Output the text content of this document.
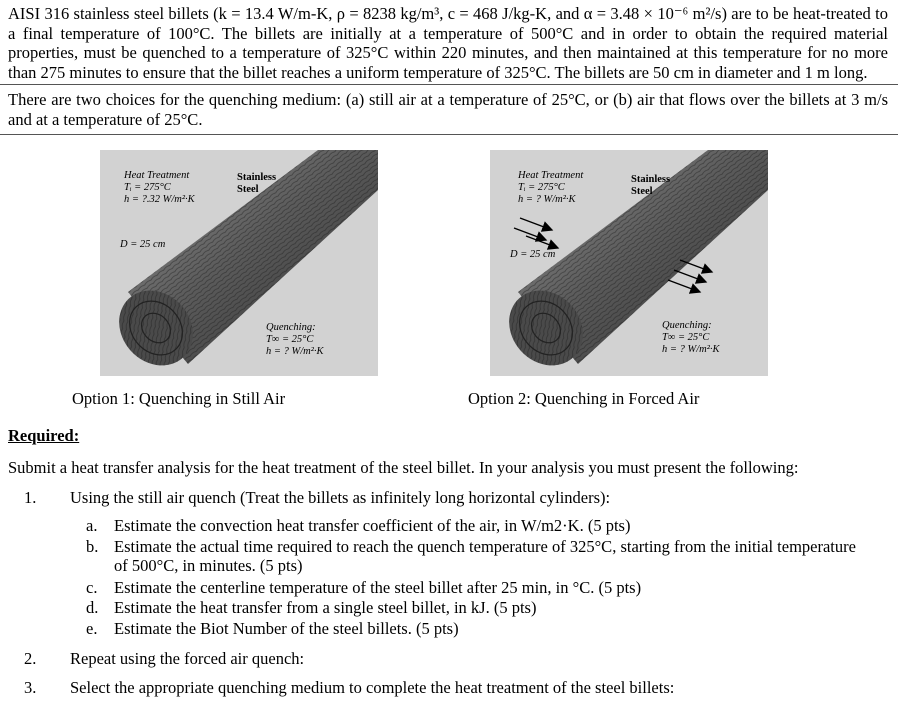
AISI 316 stainless steel billets (k = 13.4 W/m-K, ρ = 8238 kg/m³, c = 468 J/kg-K, and α = 3.48 × 10⁻⁶ m²/s) are to be heat-treated to a final temperature of 100°C. The billets are initially at a temperature of 500°C and in order to obtain the required material properties, must be quenched to a temperature of 325°C within 220 minutes, and then maintained at this temperature for no more than 275 minutes to ensure that the billet reaches a uniform temperature of 325°C. The billets are 50 cm in diameter and 1 m long.
There are two choices for the quenching medium: (a) still air at a temperature of 25°C, or (b) air that flows over the billets at 3 m/s and at a temperature of 25°C.
Heat Treatment
Tᵢ = 275°C
h = ?.32 W/m²·K
Stainless
Steel
D = 25 cm
Quenching:
T∞ = 25°C
h = ? W/m²·K
Heat Treatment
Tᵢ = 275°C
h = ? W/m²·K
Stainless
Steel
D = 25 cm
Quenching:
T∞ = 25°C
h = ? W/m²·K
Option 1: Quenching in Still Air	Option 2: Quenching in Forced Air
Required:
Submit a heat transfer analysis for the heat treatment of the steel billet. In your analysis you must present the following:
1. Using the still air quench (Treat the billets as infinitely long horizontal cylinders):
a. Estimate the convection heat transfer coefficient of the air, in W/m2·K. (5 pts)
b. Estimate the actual time required to reach the quench temperature of 325°C, starting from the initial temperature
of 500°C, in minutes. (5 pts)
c. Estimate the centerline temperature of the steel billet after 25 min, in °C. (5 pts)
d. Estimate the heat transfer from a single steel billet, in kJ. (5 pts)
e. Estimate the Biot Number of the steel billets. (5 pts)
2. Repeat using the forced air quench:
3. Select the appropriate quenching medium to complete the heat treatment of the steel billets:
